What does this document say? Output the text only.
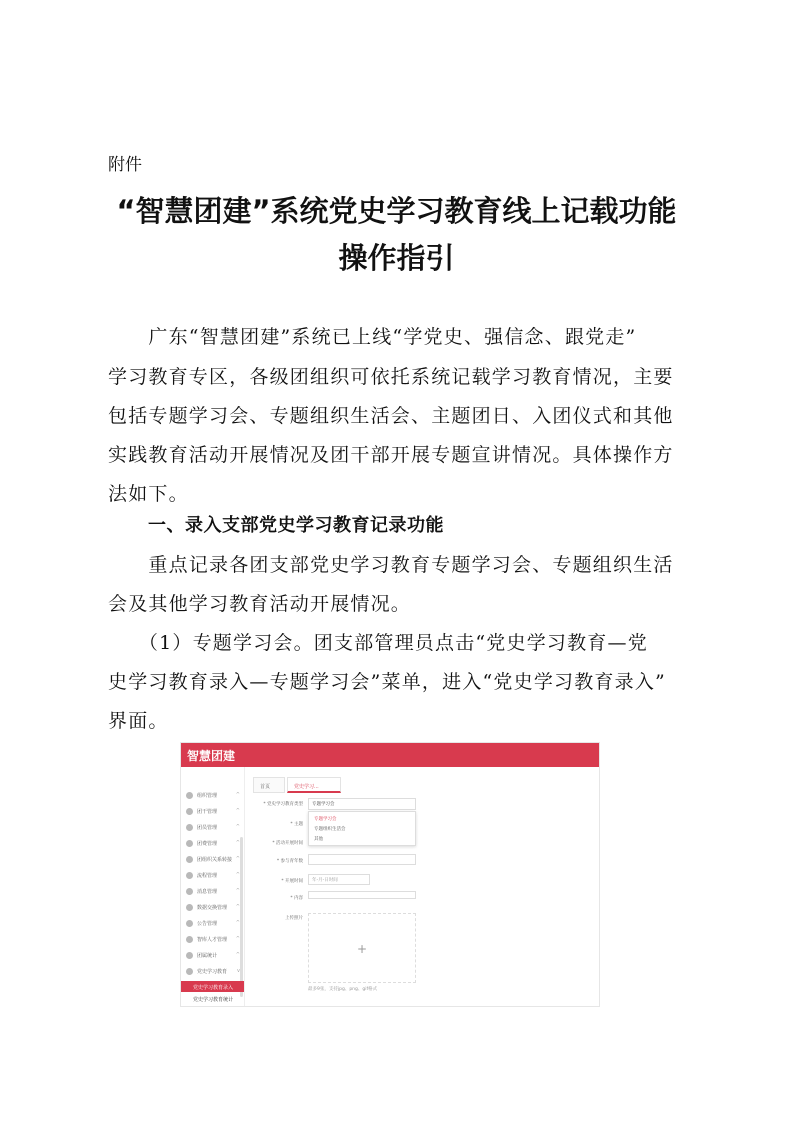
附件
“智慧团建”系统党史学习教育线上记载功能
操作指引
　　广东“智慧团建”系统已上线“学党史、强信念、跟党走”
学习教育专区，各级团组织可依托系统记载学习教育情况，主要
包括专题学习会、专题组织生活会、主题团日、入团仪式和其他
实践教育活动开展情况及团干部开展专题宣讲情况。具体操作方
法如下。
一、录入支部党史学习教育记录功能
　　重点记录各团支部党史学习教育专题学习会、专题组织生活
会及其他学习教育活动开展情况。
　　（1）专题学习会。团支部管理员点击“党史学习教育—党
史学习教育录入—专题学习会”菜单，进入“党史学习教育录入”
界面。
智慧团建
组织管理	^
团干管理	^
团员管理	^
团费管理	^
团组织关系转接 ^
流程管理	^
消息管理	^
数据交换管理 ^
公告管理	^
智库人才管理 ^
团属统计	^
党史学习教育 v
党史学习教育录入
党史学习教育统计
首页	党史学习...
* 党史学习教育类型	专题学习会
专题学习会
专题组织生活会
其他
* 主题
* 活动开展时间
* 参与青年数
* 开展时间	年-月-日时间
* 内容
上传照片
+
最多9张，支持jpg、png、gif格式
